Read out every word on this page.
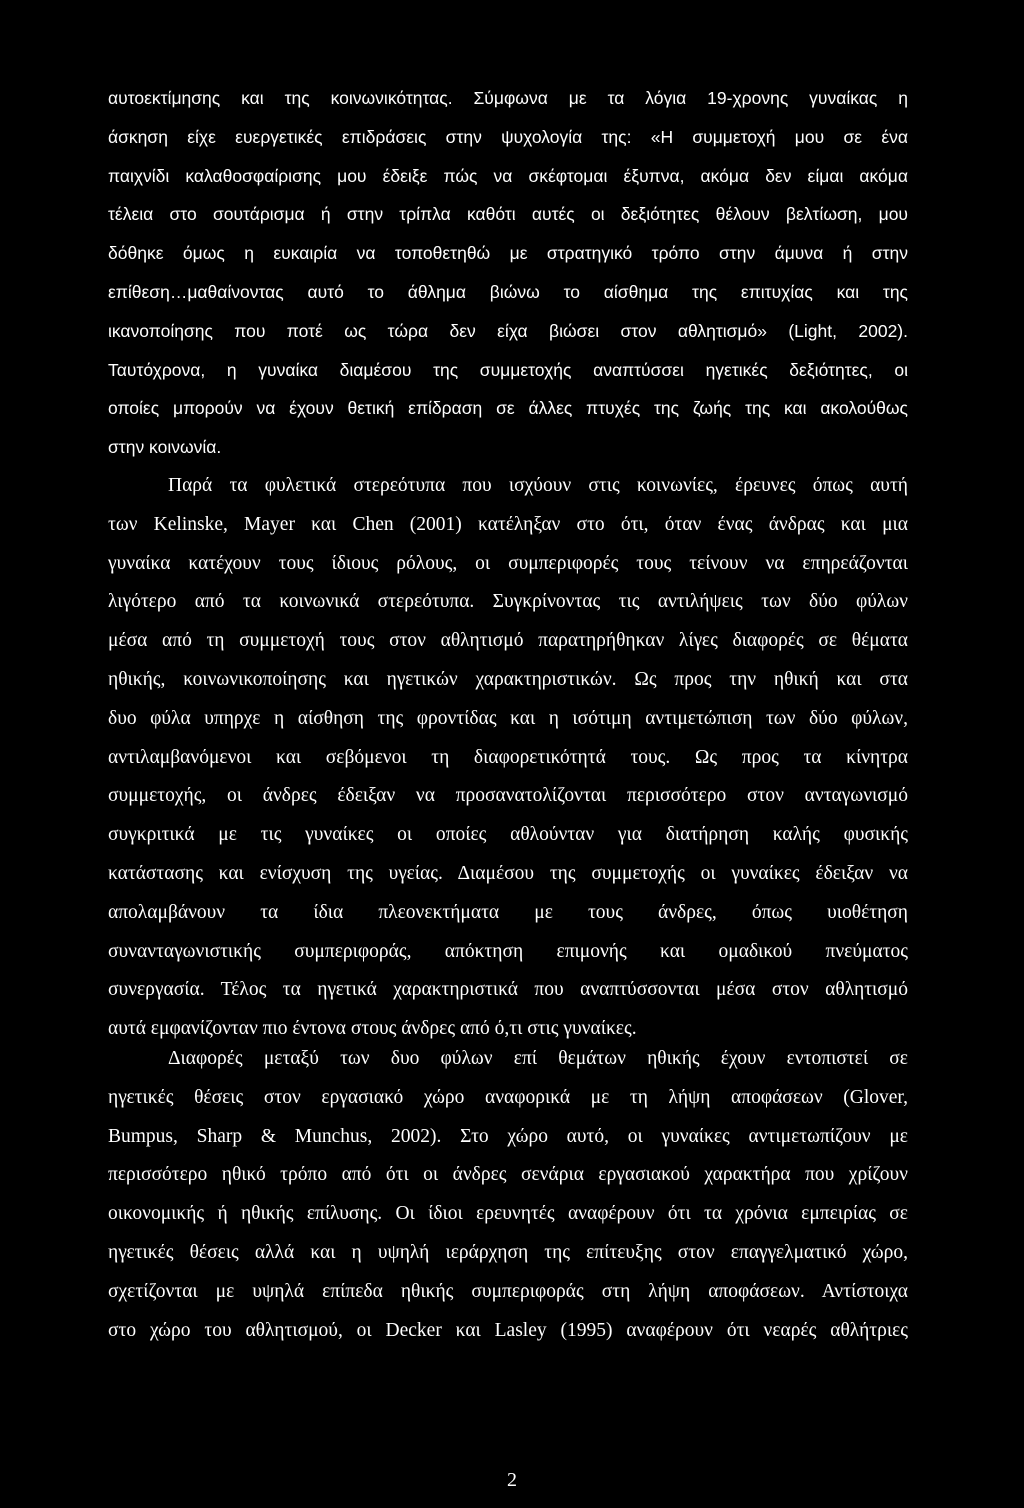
αυτοεκτίμησης και της κοινωνικότητας. Σύμφωνα με τα λόγια 19-χρονης γυναίκας η
άσκηση είχε ευεργετικές επιδράσεις στην ψυχολογία της: «Η συμμετοχή μου σε ένα
παιχνίδι καλαθοσφαίρισης μου έδειξε πώς να σκέφτομαι έξυπνα, ακόμα δεν είμαι ακόμα
τέλεια στο σουτάρισμα ή στην τρίπλα καθότι αυτές οι δεξιότητες θέλουν βελτίωση, μου
δόθηκε όμως η ευκαιρία να τοποθετηθώ με στρατηγικό τρόπο στην άμυνα ή στην
επίθεση…μαθαίνοντας αυτό το άθλημα βιώνω το αίσθημα της επιτυχίας και της
ικανοποίησης που ποτέ ως τώρα δεν είχα βιώσει στον αθλητισμό» (Light, 2002).
Ταυτόχρονα, η γυναίκα διαμέσου της συμμετοχής αναπτύσσει ηγετικές δεξιότητες, οι
οποίες μπορούν να έχουν θετική επίδραση σε άλλες πτυχές της ζωής της και ακολούθως
στην κοινωνία.
Παρά τα φυλετικά στερεότυπα που ισχύουν στις κοινωνίες, έρευνες όπως αυτή
των Kelinske, Mayer και Chen (2001) κατέληξαν στο ότι, όταν ένας άνδρας και μια
γυναίκα κατέχουν τους ίδιους ρόλους, οι συμπεριφορές τους τείνουν να επηρεάζονται
λιγότερο από τα κοινωνικά στερεότυπα. Συγκρίνοντας τις αντιλήψεις των δύο φύλων
μέσα από τη συμμετοχή τους στον αθλητισμό παρατηρήθηκαν λίγες διαφορές σε θέματα
ηθικής, κοινωνικοποίησης και ηγετικών χαρακτηριστικών. Ως προς την ηθική και στα
δυο φύλα υπηρχε η αίσθηση της φροντίδας και η ισότιμη αντιμετώπιση των δύο φύλων,
αντιλαμβανόμενοι και σεβόμενοι τη διαφορετικότητά τους. Ως προς τα κίνητρα
συμμετοχής, οι άνδρες έδειξαν να προσανατολίζονται περισσότερο στον ανταγωνισμό
συγκριτικά με τις γυναίκες οι οποίες αθλούνταν για διατήρηση καλής φυσικής
κατάστασης και ενίσχυση της υγείας. Διαμέσου της συμμετοχής οι γυναίκες έδειξαν να
απολαμβάνουν τα ίδια πλεονεκτήματα με τους άνδρες, όπως υιοθέτηση
συνανταγωνιστικής συμπεριφοράς, απόκτηση επιμονής και ομαδικού πνεύματος
συνεργασία. Τέλος τα ηγετικά χαρακτηριστικά που αναπτύσσονται μέσα στον αθλητισμό
αυτά εμφανίζονταν πιο έντονα στους άνδρες από ό,τι στις γυναίκες.
Διαφορές μεταξύ των δυο φύλων επί θεμάτων ηθικής έχουν εντοπιστεί σε
ηγετικές θέσεις στον εργασιακό χώρο αναφορικά με τη λήψη αποφάσεων (Glover,
Bumpus, Sharp & Munchus, 2002). Στο χώρο αυτό, οι γυναίκες αντιμετωπίζουν με
περισσότερο ηθικό τρόπο από ότι οι άνδρες σενάρια εργασιακού χαρακτήρα που χρίζουν
οικονομικής ή ηθικής επίλυσης. Οι ίδιοι ερευνητές αναφέρουν ότι τα χρόνια εμπειρίας σε
ηγετικές θέσεις αλλά και η υψηλή ιεράρχηση της επίτευξης στον επαγγελματικό χώρο,
σχετίζονται με υψηλά επίπεδα ηθικής συμπεριφοράς στη λήψη αποφάσεων. Αντίστοιχα
στο χώρο του αθλητισμού, οι Decker και Lasley (1995) αναφέρουν ότι νεαρές αθλήτριες
2
